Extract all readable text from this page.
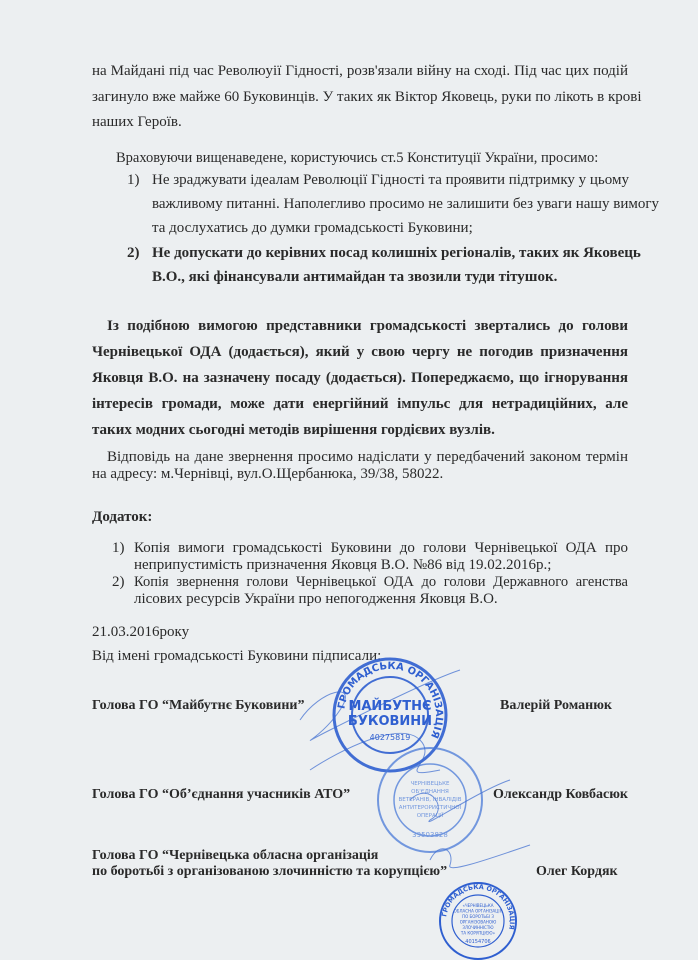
на Майдані під час Революуії Гідності, розв'язали війну на сході. Під час цих подій
загинуло вже майже 60 Буковинців. У таких як Віктор Яковець, руки по лікоть в крові
наших Героїв.
Враховуючи вищенаведене, користуючись ст.5 Конституції України, просимо:
1) Не зраджувати ідеалам Революції Гідності та проявити підтримку у цьому
важливому питанні. Наполегливо просимо не залишити без уваги нашу вимогу
та дослухатись до думки громадськості Буковини;
2) Не допускати до керівних посад колишніх регіоналів, таких як Яковець
В.О., які фінансували антимайдан та звозили туди тітушок.
Із подібною вимогою представники громадськості звертались до голови
Чернівецької ОДА (додається), який у свою чергу не погодив призначення
Яковця В.О. на зазначену посаду (додається). Попереджаємо, що ігнорування
інтересів громади, може дати енергійний імпульс для нетрадиційних, але
таких модних сьогодні методів вирішення гордієвих вузлів.
Відповідь на дане звернення просимо надіслати у передбачений законом термін
на адресу: м.Чернівці, вул.О.Щербанюка, 39/38, 58022.
Додаток:
1) Копія вимоги громадськості Буковини до голови Чернівецької ОДА про
неприпустимість призначення Яковця В.О. №86 від 19.02.2016р.;
2) Копія звернення голови Чернівецької ОДА до голови Державного агенства
лісових ресурсів України про непогодження Яковця В.О.
21.03.2016року
Від імені громадськості Буковини підписали:
ГРОМАДСЬКА ОРГАНІЗАЦІЯ
МАЙБУТНЄ
БУКОВИНИ
40275819
ЧЕРНІВЕЦЬКЕ
ОБ'ЄДНАННЯ
ВЕТЕРАНІВ, ІНВАЛІДІВ
АНТИТЕРОРИСТИЧНОЇ
ОПЕРАЦІЇ
39503828
ГРОМАДСЬКА ОРГАНІЗАЦІЯ
«ЧЕРНІВЕЦЬКА
ОБЛАСНА ОРГАНІЗАЦІЯ
ПО БОРОТЬБІ З
ОРГАНІЗОВАНОЮ
ЗЛОЧИННІСТЮ
ТА КОРУПЦІЄЮ»
40154706
Голова ГО “Майбутнє Буковини”	Валерій Романюк
Голова ГО “Об’єднання учасників АТО”	Олександр Ковбасюк
Голова ГО “Чернівецька обласна організація
по боротьбі з організованою злочинністю та корупцією”	Олег Кордяк
